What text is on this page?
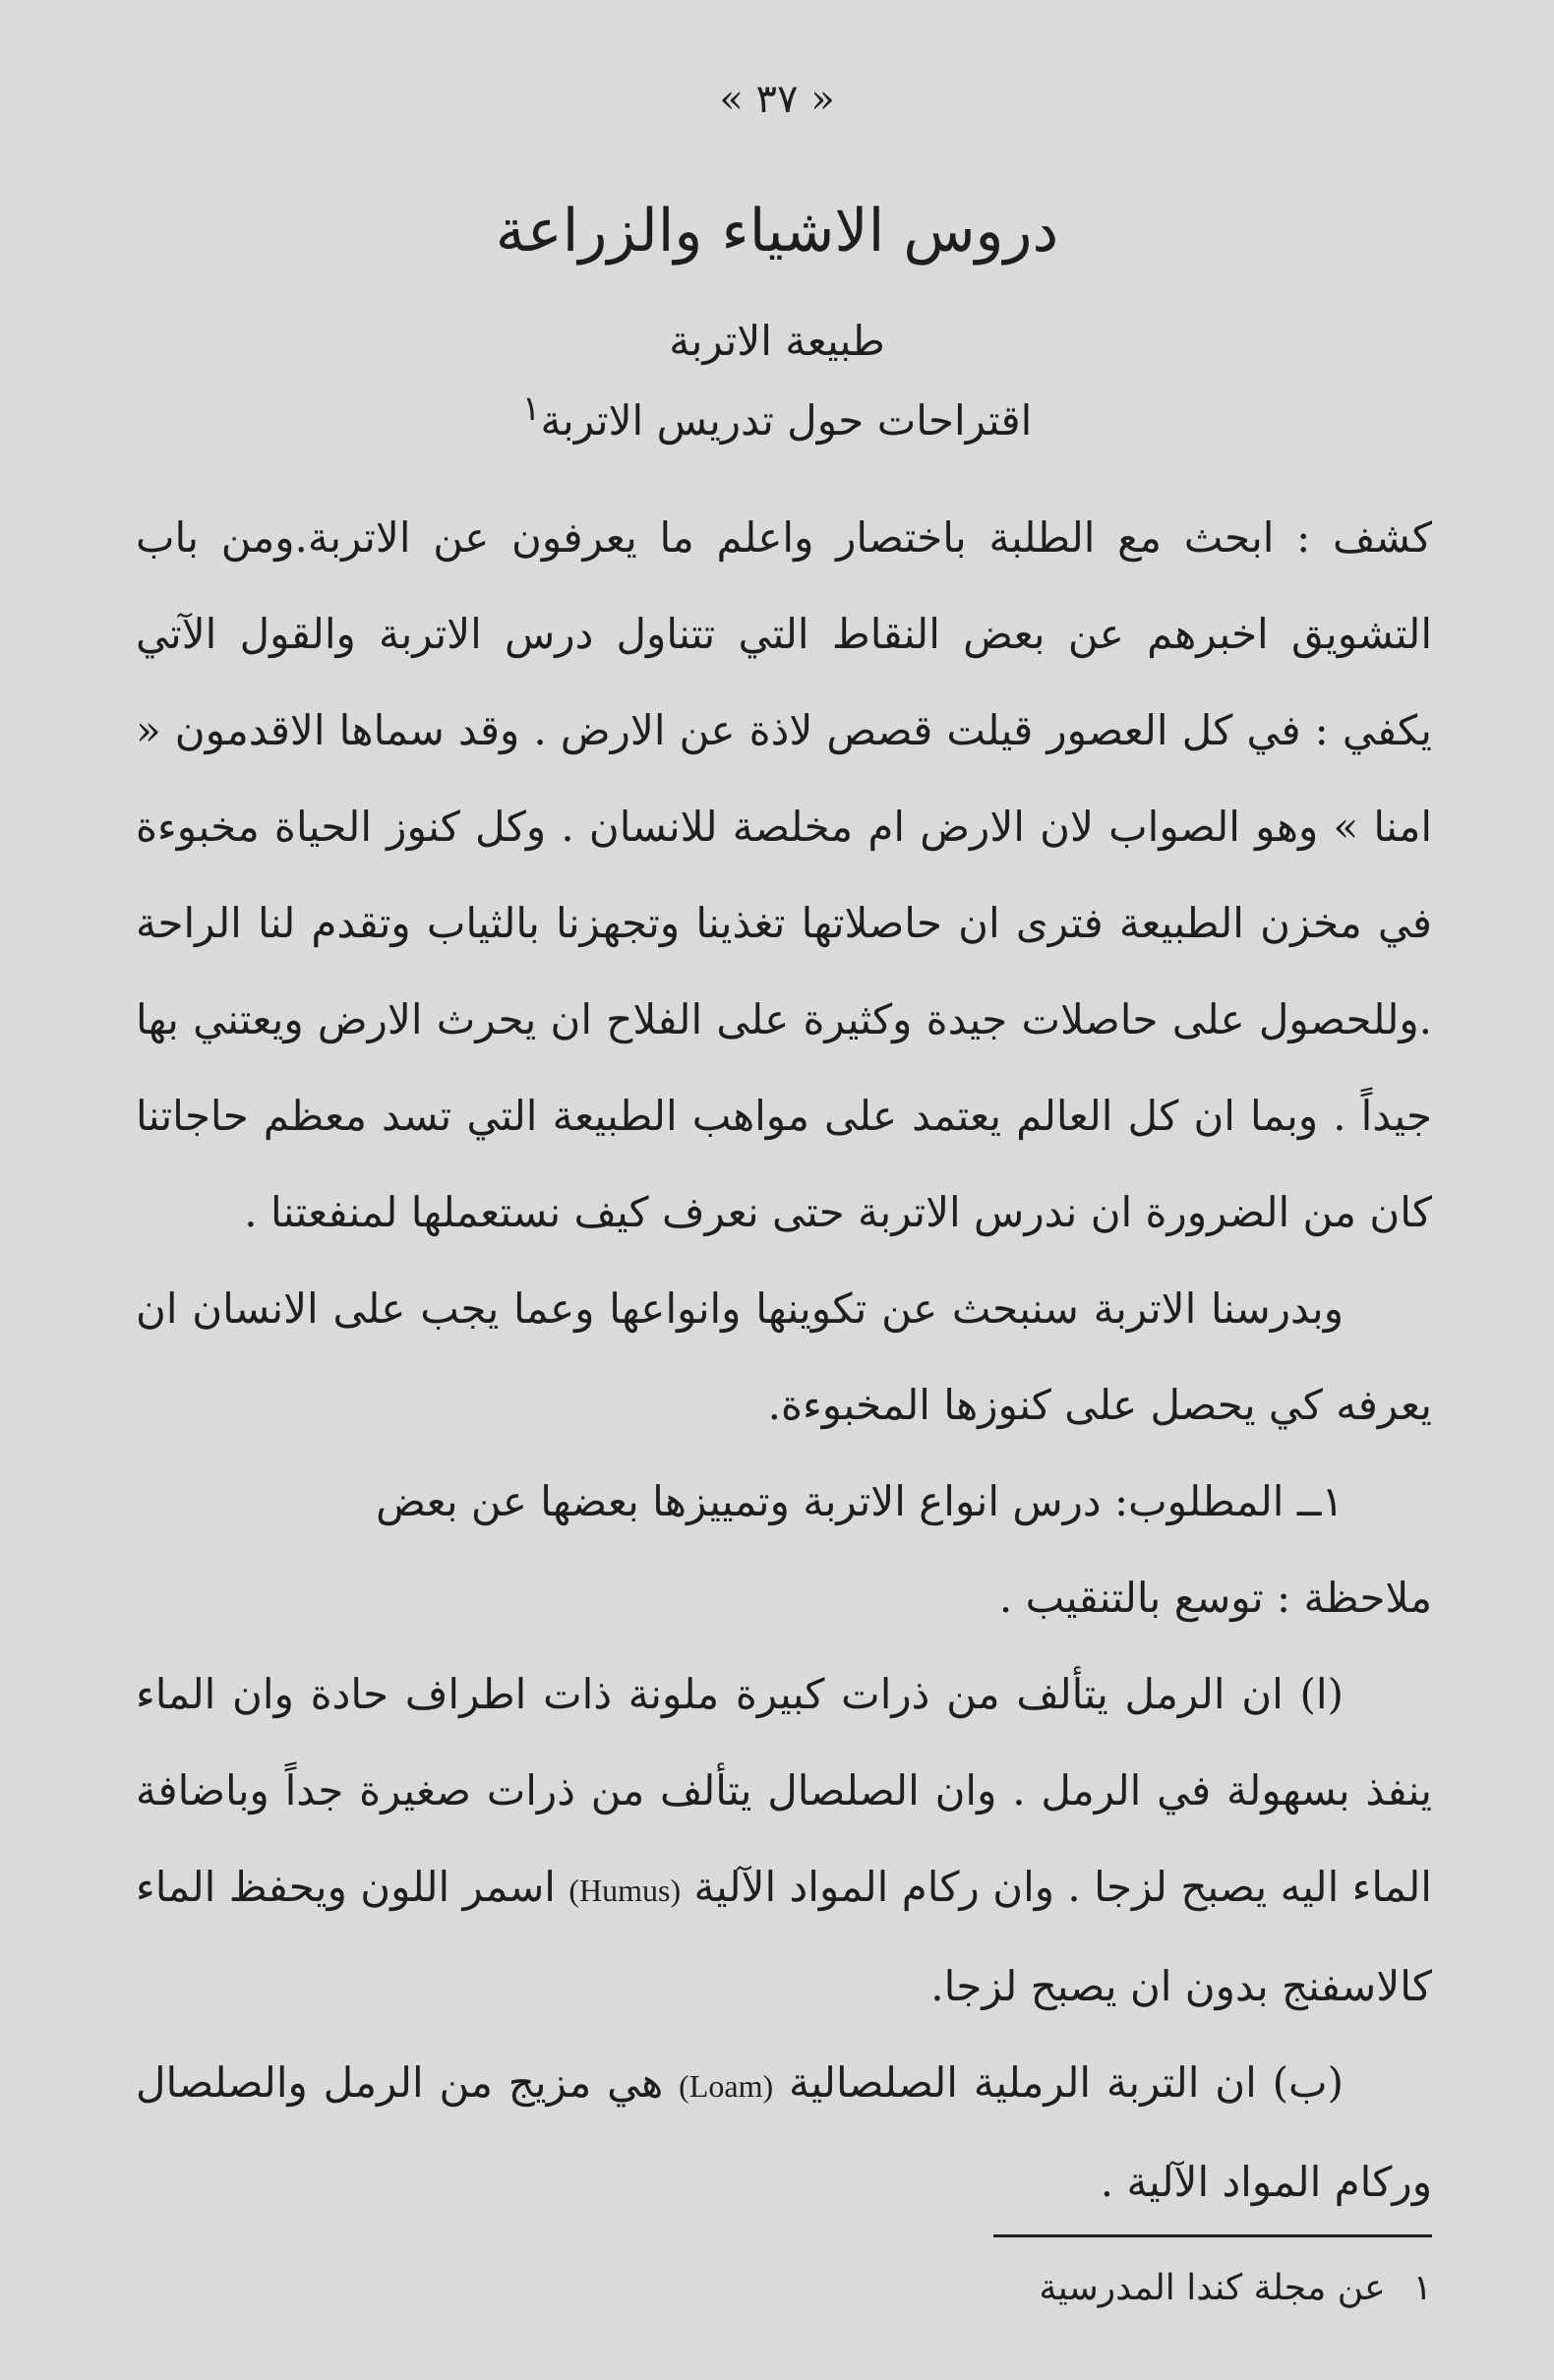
« ٣٧ »
دروس الاشياء والزراعة
طبيعة الاتربة
اقتراحات حول تدريس الاتربة$^١$

كشف : ابحث مع الطلبة باختصار واعلم ما يعرفون عن الاتربة.ومن باب التشويق اخبرهم عن بعض النقاط التي تتناول درس الاتربة والقول الآتي يكفي : في كل العصور قيلت قصص لاذة عن الارض . وقد سماها الاقدمون « امنا » وهو الصواب لان الارض ام مخلصة للانسان . وكل كنوز الحياة مخبوءة في مخزن الطبيعة فترى ان حاصلاتها تغذينا وتجهزنا بالثياب وتقدم لنا الراحة .وللحصول على حاصلات جيدة وكثيرة على الفلاح ان يحرث الارض ويعتني بها جيداً . وبما ان كل العالم يعتمد على مواهب الطبيعة التي تسد معظم حاجاتنا كان من الضرورة ان ندرس الاتربة حتى نعرف كيف نستعملها لمنفعتنا .

وبدرسنا الاتربة سنبحث عن تكوينها وانواعها وعما يجب على الانسان ان يعرفه كي يحصل على كنوزها المخبوءة.

١ــ المطلوب: درس انواع الاتربة وتمييزها بعضها عن بعض

ملاحظة : توسع بالتنقيب .

(ا) ان الرمل يتألف من ذرات كبيرة ملونة ذات اطراف حادة وان الماء ينفذ بسهولة في الرمل . وان الصلصال يتألف من ذرات صغيرة جداً وباضافة الماء اليه يصبح لزجا . وان ركام المواد الآلية (Humus) اسمر اللون ويحفظ الماء كالاسفنج بدون ان يصبح لزجا.

(ب) ان التربة الرملية الصلصالية (Loam) هي مزيج من الرمل والصلصال وركام المواد الآلية .

١عن مجلة كندا المدرسية
